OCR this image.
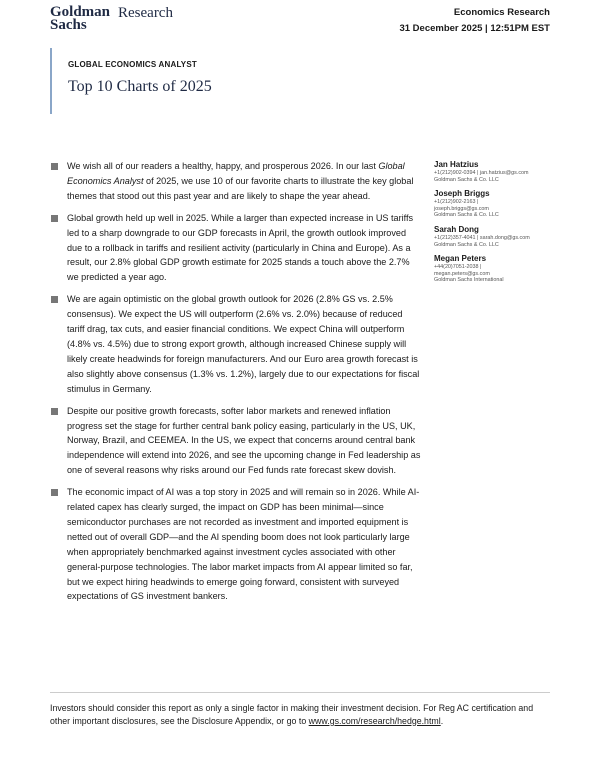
Goldman
Sachs
Research	Economics Research
31 December 2025 | 12:51PM EST
GLOBAL ECONOMICS ANALYST
Top 10 Charts of 2025
We wish all of our readers a healthy, happy, and prosperous 2026. In our last Global Economics Analyst of 2025, we use 10 of our favorite charts to illustrate the key global themes that stood out this past year and are likely to shape the year ahead.
Global growth held up well in 2025. While a larger than expected increase in US tariffs led to a sharp downgrade to our GDP forecasts in April, the growth outlook improved due to a rollback in tariffs and resilient activity (particularly in China and Europe). As a result, our 2.8% global GDP growth estimate for 2025 stands a touch above the 2.7% we predicted a year ago.
We are again optimistic on the global growth outlook for 2026 (2.8% GS vs. 2.5% consensus). We expect the US will outperform (2.6% vs. 2.0%) because of reduced tariff drag, tax cuts, and easier financial conditions. We expect China will outperform (4.8% vs. 4.5%) due to strong export growth, although increased Chinese supply will likely create headwinds for foreign manufacturers. And our Euro area growth forecast is also slightly above consensus (1.3% vs. 1.2%), largely due to our expectations for fiscal stimulus in Germany.
Despite our positive growth forecasts, softer labor markets and renewed inflation progress set the stage for further central bank policy easing, particularly in the US, UK, Norway, Brazil, and CEEMEA. In the US, we expect that concerns around central bank independence will extend into 2026, and see the upcoming change in Fed leadership as one of several reasons why risks around our Fed funds rate forecast skew dovish.
The economic impact of AI was a top story in 2025 and will remain so in 2026. While AI-related capex has clearly surged, the impact on GDP has been minimal—since semiconductor purchases are not recorded as investment and imported equipment is netted out of overall GDP—and the AI spending boom does not look particularly large when appropriately benchmarked against investment cycles associated with other general-purpose technologies. The labor market impacts from AI appear limited so far, but we expect hiring headwinds to emerge going forward, consistent with surveyed expectations of GS investment bankers.
Jan Hatzius
+1(212)902-0394 | jan.hatzius@gs.com
Goldman Sachs & Co. LLC
Joseph Briggs
+1(212)902-2163 |
joseph.briggs@gs.com
Goldman Sachs & Co. LLC
Sarah Dong
+1(212)357-4041 | sarah.dong@gs.com
Goldman Sachs & Co. LLC
Megan Peters
+44(20)7051-2038 |
megan.peters@gs.com
Goldman Sachs International
Investors should consider this report as only a single factor in making their investment decision. For Reg AC certification and other important disclosures, see the Disclosure Appendix, or go to www.gs.com/research/hedge.html.
